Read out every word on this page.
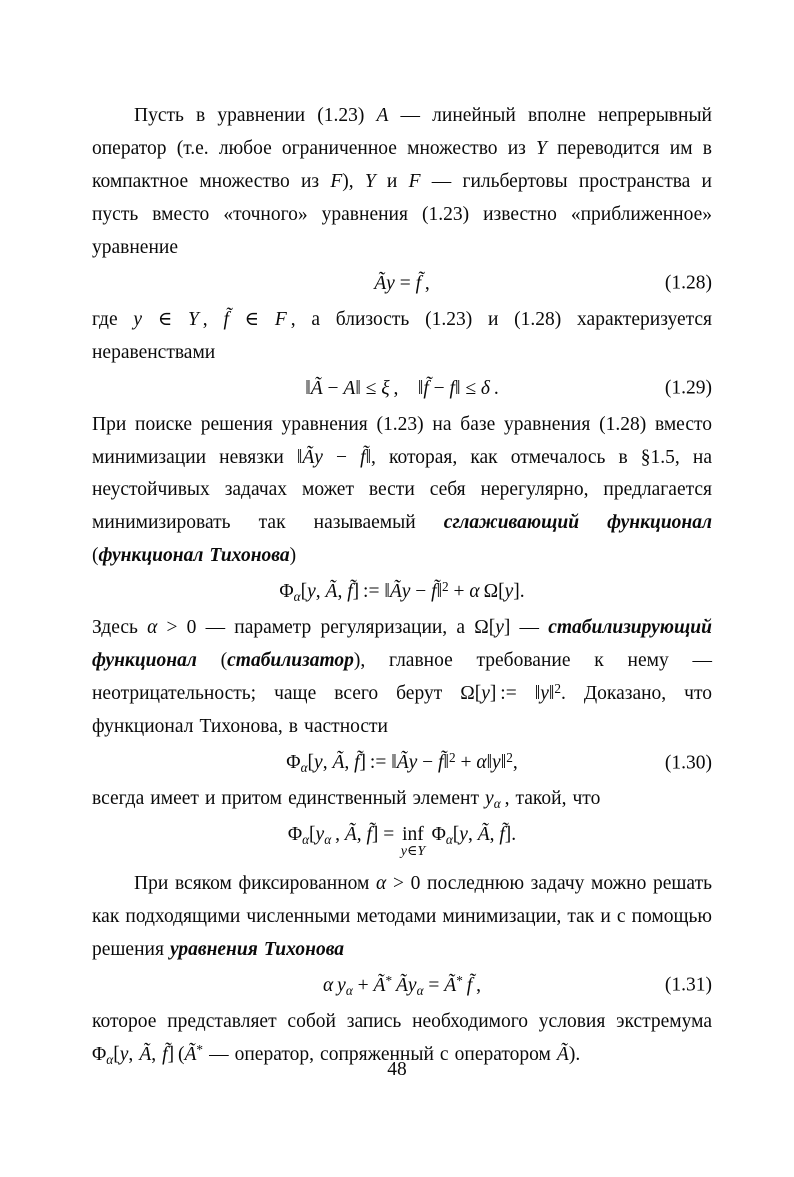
Пусть в уравнении (1.23) A — линейный вполне непрерывный оператор (т.е. любое ограниченное множество из Y переводится им в компактное множество из F), Y и F — гильбертовы пространства и пусть вместо «точного» уравнения (1.23) известно «приближенное» уравнение

Ãy = f̃ ,	(1.28)

где y ∈ Y , f̃ ∈ F , а близость (1.23) и (1.28) характеризуется неравенствами

‖Ã − A‖ ≤ ξ , ‖f̃ − f‖ ≤ δ .	(1.29)

При поиске решения уравнения (1.23) на базе уравнения (1.28) вместо минимизации невязки ‖Ãy − f̃‖, которая, как отмечалось в §1.5, на неустойчивых задачах может вести себя нерегулярно, предлагается минимизировать так называемый сглаживающий функционал (функционал Тихонова)

$\Phi_\alpha[y$, Ã, f̃] := ‖Ãy − f̃‖$^2$ + α Ω[y].

Здесь α > 0 — параметр регуляризации, а Ω[y] — стабилизирующий функционал (стабилизатор), главное требование к нему — неотрицательность; чаще всего берут Ω[y] := ‖y‖$^2$. Доказано, что функционал Тихонова, в частности

$\Phi_\alpha[y$, Ã, f̃] := ‖Ãy − f̃‖$^2$ + α‖y‖$^2$,	(1.30)

всегда имеет и притом единственный элемент $y_\alpha$ , такой, что

$\Phi_\alpha[y_\alpha$ , Ã, f̃] = inf
y∈Y
$\Phi_\alpha[y$, Ã, f̃].

При всяком фиксированном α > 0 последнюю задачу можно решать как подходящими численными методами минимизации, так и с помощью решения уравнения Тихонова

α $y_\alpha$ + Ã* $Ãy_\alpha$ = Ã* f̃ ,	(1.31)

которое представляет собой запись необходимого условия экстремума $\Phi_\alpha[y$, Ã, f̃] (Ã* — оператор, сопряженный с оператором Ã).

48
